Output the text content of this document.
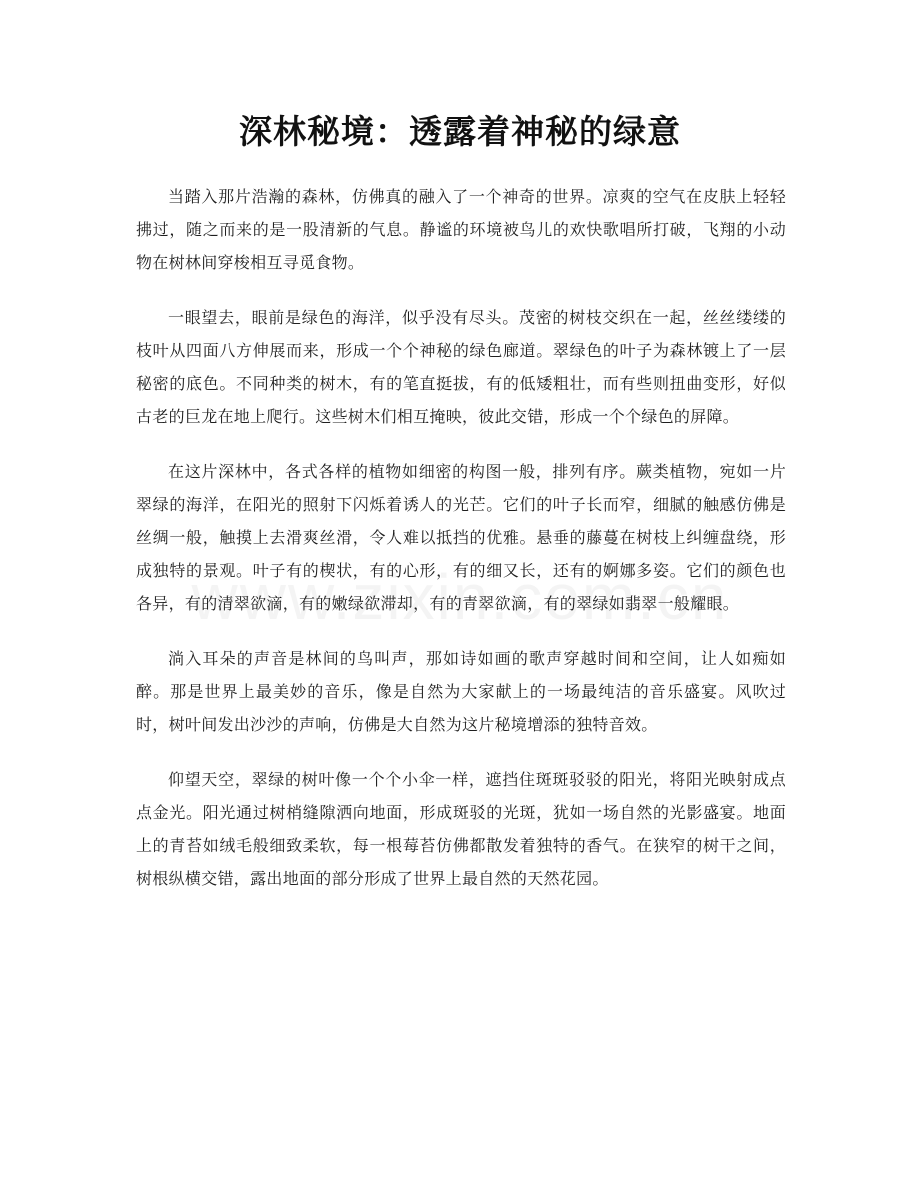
深林秘境：透露着神秘的绿意

当踏入那片浩瀚的森林，仿佛真的融入了一个神奇的世界。凉爽的空气在皮肤上轻轻拂过，随之而来的是一股清新的气息。静谧的环境被鸟儿的欢快歌唱所打破，飞翔的小动物在树林间穿梭相互寻觅食物。

一眼望去，眼前是绿色的海洋，似乎没有尽头。茂密的树枝交织在一起，丝丝缕缕的枝叶从四面八方伸展而来，形成一个个神秘的绿色廊道。翠绿色的叶子为森林镀上了一层秘密的底色。不同种类的树木，有的笔直挺拔，有的低矮粗壮，而有些则扭曲变形，好似古老的巨龙在地上爬行。这些树木们相互掩映，彼此交错，形成一个个绿色的屏障。

在这片深林中，各式各样的植物如细密的构图一般，排列有序。蕨类植物，宛如一片翠绿的海洋，在阳光的照射下闪烁着诱人的光芒。它们的叶子长而窄，细腻的触感仿佛是丝绸一般，触摸上去滑爽丝滑，令人难以抵挡的优雅。悬垂的藤蔓在树枝上纠缠盘绕，形成独特的景观。叶子有的楔状，有的心形，有的细又长，还有的婀娜多姿。它们的颜色也各异，有的清翠欲滴，有的嫩绿欲滞却，有的青翠欲滴，有的翠绿如翡翠一般耀眼。

淌入耳朵的声音是林间的鸟叫声，那如诗如画的歌声穿越时间和空间，让人如痴如醉。那是世界上最美妙的音乐，像是自然为大家献上的一场最纯洁的音乐盛宴。风吹过时，树叶间发出沙沙的声响，仿佛是大自然为这片秘境增添的独特音效。

仰望天空，翠绿的树叶像一个个小伞一样，遮挡住斑斑驳驳的阳光，将阳光映射成点点金光。阳光通过树梢缝隙洒向地面，形成斑驳的光斑，犹如一场自然的光影盛宴。地面上的青苔如绒毛般细致柔软，每一根莓苔仿佛都散发着独特的香气。在狭窄的树干之间，树根纵横交错，露出地面的部分形成了世界上最自然的天然花园。
